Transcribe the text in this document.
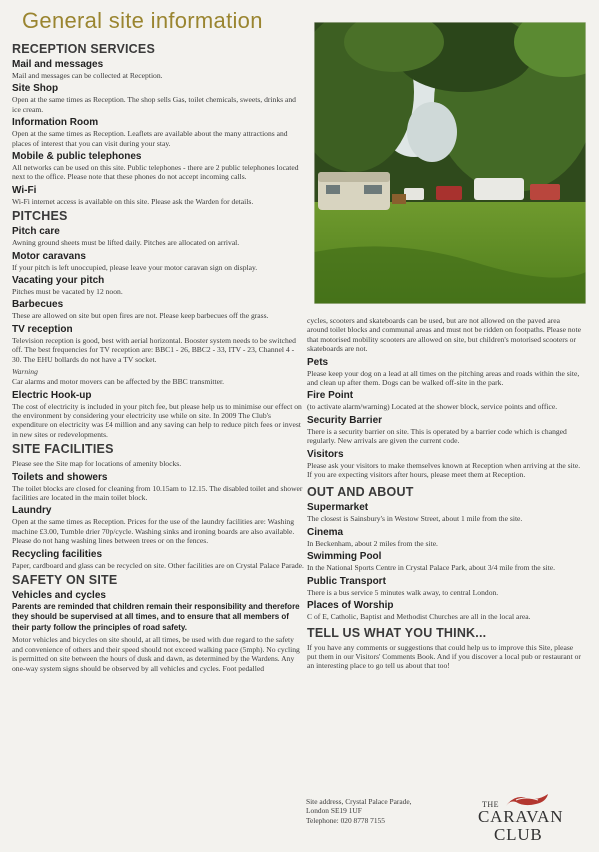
General site information
RECEPTION SERVICES
Mail and messages
Mail and messages can be collected at Reception.
Site Shop
Open at the same times as Reception. The shop sells Gas, toilet chemicals, sweets, drinks and ice cream.
Information Room
Open at the same times as Reception. Leaflets are available about the many attractions and places of interest that you can visit during your stay.
Mobile & public telephones
All networks can be used on this site. Public telephones - there are 2 public telephones located next to the office. Please note that these phones do not accept incoming calls.
Wi-Fi
Wi-Fi internet access is available on this site. Please ask the Warden for details.
PITCHES
Pitch care
Awning ground sheets must be lifted daily. Pitches are allocated on arrival.
Motor caravans
If your pitch is left unoccupied, please leave your motor caravan sign on display.
Vacating your pitch
Pitches must be vacated by 12 noon.
Barbecues
These are allowed on site but open fires are not. Please keep barbecues off the grass.
TV reception
Television reception is good, best with aerial horizontal. Booster system needs to be switched off. The best frequencies for TV reception are: BBC1 - 26, BBC2 - 33, ITV - 23, Channel 4 - 30. The EHU bollards do not have a TV socket.
Warning
Car alarms and motor movers can be affected by the BBC transmitter.
Electric Hook-up
The cost of electricity is included in your pitch fee, but please help us to minimise our effect on the environment by considering your electricity use while on site. In 2009 The Club's expenditure on electricity was £4 million and any saving can help to reduce pitch fees or invest in new sites or redevelopments.
SITE FACILITIES
Please see the Site map for locations of amenity blocks.
Toilets and showers
The toilet blocks are closed for cleaning from 10.15am to 12.15. The disabled toilet and shower facilities are located in the main toilet block.
Laundry
Open at the same times as Reception. Prices for the use of the laundry facilities are: Washing machine £3.00, Tumble drier 70p/cycle. Washing sinks and ironing boards are also available. Please do not hang washing lines between trees or on the fences.
Recycling facilities
Paper, cardboard and glass can be recycled on site. Other facilities are on Crystal Palace Parade.
SAFETY ON SITE
Vehicles and cycles
Parents are reminded that children remain their responsibility and therefore they should be supervised at all times, and to ensure that all members of their party follow the principles of road safety.
Motor vehicles and bicycles on site should, at all times, be used with due regard to the safety and convenience of others and their speed should not exceed walking pace (5mph). No cycling is permitted on site between the hours of dusk and dawn, as determined by the Wardens. Any one-way system signs should be observed by all vehicles and cycles. Foot pedalled
cycles, scooters and skateboards can be used, but are not allowed on the paved area around toilet blocks and communal areas and must not be ridden on footpaths. Please note that motorised mobility scooters are allowed on site, but children's motorised scooters or skateboards are not.
Pets
Please keep your dog on a lead at all times on the pitching areas and roads within the site, and clean up after them. Dogs can be walked off-site in the park.
Fire Point
(to activate alarm/warning) Located at the shower block, service points and office.
Security Barrier
There is a security barrier on site. This is operated by a barrier code which is changed regularly. New arrivals are given the current code.
Visitors
Please ask your visitors to make themselves known at Reception when arriving at the site. If you are expecting visitors after hours, please meet them at Reception.
OUT AND ABOUT
Supermarket
The closest is Sainsbury's in Westow Street, about 1 mile from the site.
Cinema
In Beckenham, about 2 miles from the site.
Swimming Pool
In the National Sports Centre in Crystal Palace Park, about 3/4 mile from the site.
Public Transport
There is a bus service 5 minutes walk away, to central London.
Places of Worship
C of E, Catholic, Baptist and Methodist Churches are all in the local area.
TELL US WHAT YOU THINK...
If you have any comments or suggestions that could help us to improve this Site, please put them in our Visitors' Comments Book. And if you discover a local pub or restaurant or an interesting place to go tell us about that too!
Site address, Crystal Palace Parade,
London SE19 1UF
Telephone: 020 8778 7155
THE
CARAVAN
CLUB
